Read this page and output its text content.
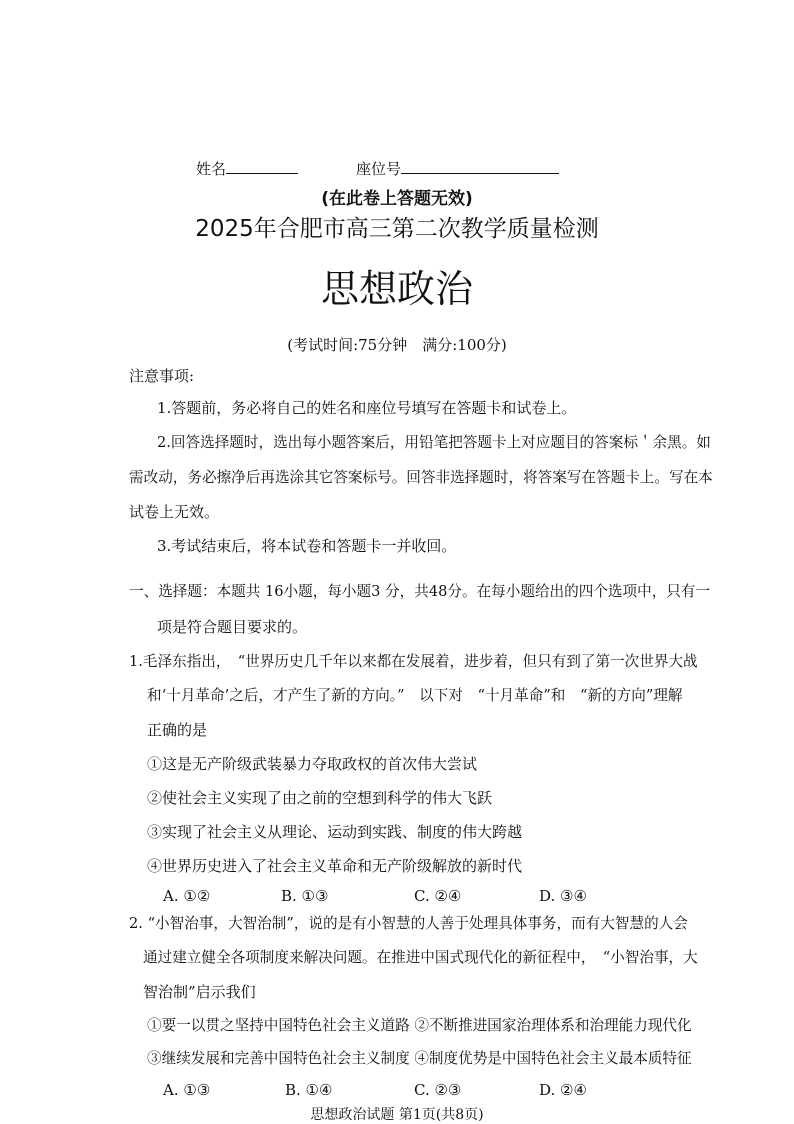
姓名	座位号
(在此卷上答题无效)
2025年合肥市高三第二次教学质量检测
思想政治
(考试时间:75分钟　满分:100分)
注意事项:
1.答题前，务必将自己的姓名和座位号填写在答题卡和试卷上。
2.回答选择题时，选出每小题答案后，用铅笔把答题卡上对应题目的答案标＇余黑。如
需改动，务必擦净后再选涂其它答案标号。回答非选择题时，将答案写在答题卡上。写在本
试卷上无效。
3.考试结束后，将本试卷和答题卡一并收回。
一、选择题：本题共 16小题，每小题3 分，共48分。在每小题给出的四个选项中，只有一
项是符合题目要求的。
1.毛泽东指出，　“世界历史几千年以来都在发展着，进步着，但只有到了第一次世界大战
和‘十月革命’之后，才产生了新的方向。”　以下对　“十月革命”和　“新的方向”理解
正确的是
①这是无产阶级武装暴力夺取政权的首次伟大尝试
②使社会主义实现了由之前的空想到科学的伟大飞跃
③实现了社会主义从理论、运动到实践、制度的伟大跨越
④世界历史进入了社会主义革命和无产阶级解放的新时代
A. ①②	B. ①③	C. ②④	D. ③④
2. “小智治事，大智治制”，说的是有小智慧的人善于处理具体事务，而有大智慧的人会
通过建立健全各项制度来解决问题。在推进中国式现代化的新征程中，　“小智治事，大
智治制”启示我们
①要一以贯之坚持中国特色社会主义道路 ②不断推进国家治理体系和治理能力现代化
③继续发展和完善中国特色社会主义制度 ④制度优势是中国特色社会主义最本质特征
A. ①③	B. ①④	C. ②③	D. ②④
思想政治试题 第1页(共8页)
